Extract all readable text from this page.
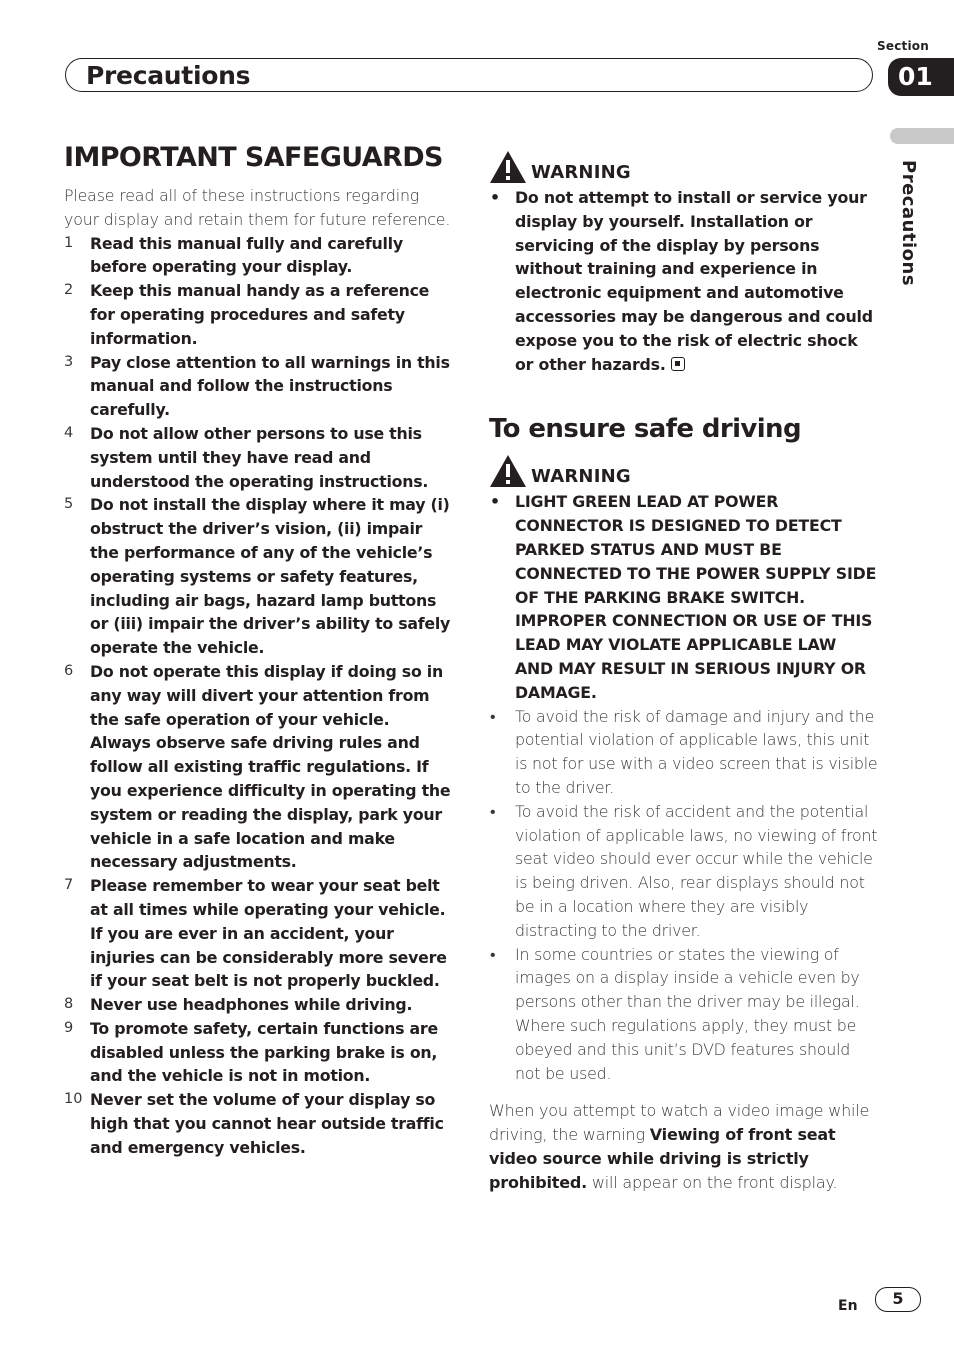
Section
Precautions	01
Precautions
IMPORTANT SAFEGUARDS

Please read all of these instructions regarding your display and retain them for future reference.

1 Read this manual fully and carefully before operating your display.
2 Keep this manual handy as a reference for operating procedures and safety information.
3 Pay close attention to all warnings in this manual and follow the instructions carefully.
4 Do not allow other persons to use this system until they have read and understood the operating instructions.
5 Do not install the display where it may (i) obstruct the driver’s vision, (ii) impair the performance of any of the vehicle’s operating systems or safety features, including air bags, hazard lamp buttons or (iii) impair the driver’s ability to safely operate the vehicle.
6 Do not operate this display if doing so in any way will divert your attention from the safe operation of your vehicle. Always observe safe driving rules and follow all existing traffic regulations. If you experience difficulty in operating the system or reading the display, park your vehicle in a safe location and make necessary adjustments.
7 Please remember to wear your seat belt at all times while operating your vehicle. If you are ever in an accident, your injuries can be considerably more severe if your seat belt is not properly buckled.
8 Never use headphones while driving.
9 To promote safety, certain functions are disabled unless the parking brake is on, and the vehicle is not in motion.
10 Never set the volume of your display so high that you cannot hear outside traffic and emergency vehicles.
WARNING
• Do not attempt to install or service your display by yourself. Installation or servicing of the display by persons without training and experience in electronic equipment and automotive accessories may be dangerous and could expose you to the risk of electric shock or other hazards.
To ensure safe driving
WARNING
• LIGHT GREEN LEAD AT POWER CONNECTOR IS DESIGNED TO DETECT PARKED STATUS AND MUST BE CONNECTED TO THE POWER SUPPLY SIDE OF THE PARKING BRAKE SWITCH. IMPROPER CONNECTION OR USE OF THIS LEAD MAY VIOLATE APPLICABLE LAW AND MAY RESULT IN SERIOUS INJURY OR DAMAGE.
• To avoid the risk of damage and injury and the potential violation of applicable laws, this unit is not for use with a video screen that is visible to the driver.
• To avoid the risk of accident and the potential violation of applicable laws, no viewing of front seat video should ever occur while the vehicle is being driven. Also, rear displays should not be in a location where they are visibly distracting to the driver.
• In some countries or states the viewing of images on a display inside a vehicle even by persons other than the driver may be illegal. Where such regulations apply, they must be obeyed and this unit’s DVD features should not be used.

When you attempt to watch a video image while driving, the warning Viewing of front seat video source while driving is strictly prohibited. will appear on the front display.

En	5
